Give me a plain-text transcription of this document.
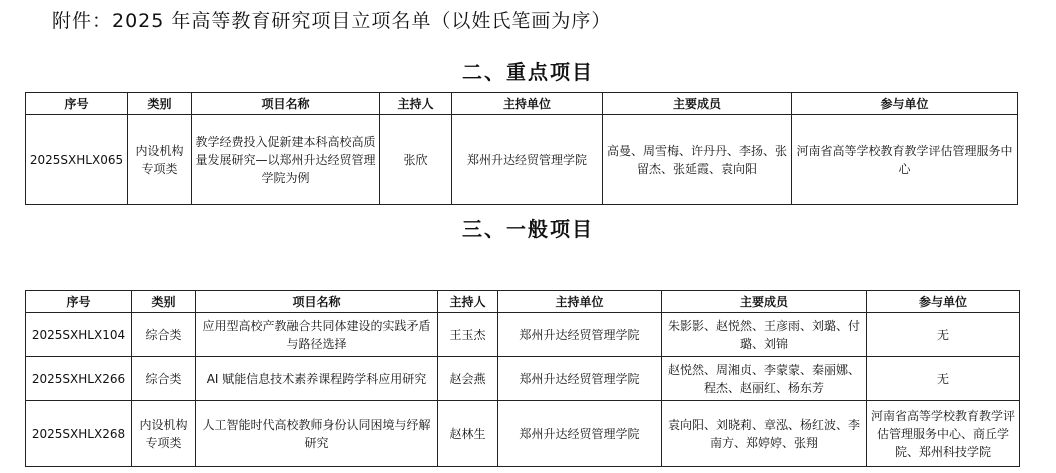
附件：2025 年高等教育研究项目立项名单（以姓氏笔画为序）
二、重点项目
序号	类别	项目名称	主持人	主持单位	主要成员	参与单位
2025SXHLX065	内设机构专项类	教学经费投入促新建本科高校高质量发展研究—以郑州升达经贸管理学院为例	张欣	郑州升达经贸管理学院	高曼、周雪梅、许丹丹、李扬、张留杰、张延霞、袁向阳	河南省高等学校教育教学评估管理服务中心
三、一般项目
序号	类别	项目名称	主持人	主持单位	主要成员	参与单位
2025SXHLX104	综合类	应用型高校产教融合共同体建设的实践矛盾与路径选择	王玉杰	郑州升达经贸管理学院	朱影影、赵悦然、王彦雨、刘璐、付璐、刘锦	无
2025SXHLX266	综合类	AI 赋能信息技术素养课程跨学科应用研究	赵会燕	郑州升达经贸管理学院	赵悦然、周湘贞、李蒙蒙、秦丽娜、程杰、赵丽红、杨东芳	无
2025SXHLX268	内设机构专项类	人工智能时代高校教师身份认同困境与纾解研究	赵林生	郑州升达经贸管理学院	袁向阳、刘晓莉、章泓、杨红波、李南方、郑婷婷、张翔	河南省高等学校教育教学评估管理服务中心、商丘学院、郑州科技学院
